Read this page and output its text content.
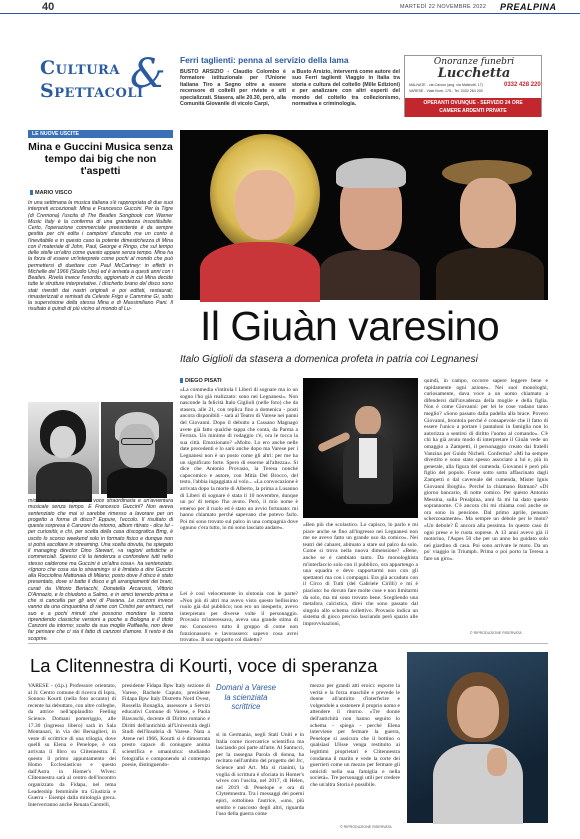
40	MARTEDÌ 22 NOVEMBRE 2022 PREALPINA
Cultura &
Spettacoli
Ferri taglienti: penna al servizio della lama
BUSTO ARSIZIO - Claudio Colombo è formatore istituzionale per l'Unione Italiana Tiro a Segno oltre a essere recensore di coltelli per riviste e siti specializzati. Stasera, alle 20.30, però, alla Comunità Giovanile di vicolo Carpi,
a Busto Arsizio, interverrà come autore del suo Ferri taglienti Viaggio in Italia tra storia e cultura del coltello (Mille Edizioni) e per analizzare con altri esperti del mondo del coltello tra collezionismo, normativa e criminologia.
Onoranze funebri
Lucchetta
MALNATE - via Cavour (ang. via Matteotti, 17)	0332 428 220
VARESE - Viale Borri, 175 - Tel. 0332 264 200
OPERANTI OVUNQUE - SERVIZIO 24 ORE
CAMERE ARDENTI PRIVATE
LE NUOVE USCITE
Mina e Guccini Musica senza tempo dai big che non t'aspetti
MARIO VISCO
In una settimana la musica italiana s'è rappropriata di due suoi interpreti eccezionali: Mina e Francesco Guccini. Per la Tigre (di Cremona) l'uscita di The Beatles Songbook con Warner Music Italy è la conferma di una grandezza insostituibile. Certo, l'operazione commerciale preesistente è da sempre gestita per chi edita i campioni d'ascolto ma un conto è l'inevitabile e in questo caso la potente dimestichezza di Mina con il materiale di John, Paul, George e Ringo, che sul tempo delle stelle un'altro come questo appare senza tempo. Mina ha la forza di essere un'interprete come pochi al mondo che può permettersi di duettare con Paul McCartney: in effetti in Michelle del 1966 (Studio Uno) ed è arrivata a questi anni con i Beatles. Rivela invece l'esordio, aggiornato in cui Mina decide tutte le strutture interpretative. I dischetto brano del disco sono stati rivestiti dai nastri originali e poi editati, restaurati, rimasterizzati e remixati da Celeste Frigo e Cammine Gi, sotto la supervisione della stessa Mina e di Massimiliano Pani. Il risultato è quindi di più vicino al mondo di Lu-
mione fa la forza per una voce straordinaria e un'avventura musicale senza tempo. E Francesco Guccini? Non aveva sentenziato che mai si sarebbe rimesso a lavorare per un progetto a forma di disco? Eppure, l'eccolo. Il risultato di questa sorpresa è Canzoni da intorno, album ritirato - dice lui - per curiosità; e chi, per scelta della casa discografica Bmg, è uscito lo scorso weekend solo in formato fisico e dunque non si potrà ascoltare in streaming. Una scelta dovuta, ha spiegato il managing director Dino Stewart, «a ragioni artistiche e commerciali. Spesso c'è la tendenza a confondere tutti nello stesso calderone ma Guccini è un'altra cosa». ha sentenziato. «Ignoro che cosa sia lo streaming» si è limitato a dire Guccini alla Rocciolina Mattonaia di Milano; posto dove il disco è stato presentato, dove si batte il disco e gli arrangiamenti dei brani, curati da Vittorio Bertacchi, Donatella Arcarossi, Vittorio D'Annazio, e lo chiudono a Salmo, e in amici tenendo prima e che si cancella per gli anni di Pavana. Le canzoni invece vanno da una cinquantina di rame con Cristini per entrarci, nel suo e a pochi minuti che possono mondare la scena riprendendo classiche versioni a poche a Bologna e il titolo Canzoni da intorno; scelto da sua moglie Raffaella, non deve far pensare che ci sia il fatto di canzoni d'amore. Il resto è da scoprire.
Il Giuàn varesino
Italo Giglioli da stasera a domenica profeta in patria coi Legnanesi
DIEGO PISATI
«La commedia s'intitola I Liberi di sognare ma io un sogno l'ho già realizzato: sono nei Legnanesi». Non nasconde la felicità Italo Giglioli (nelle foto) che da stasera, alle 21, con replica fino a domenica - posti ancora disponibili - sarà al Teatro di Varese nei panni del Giovanni. Dopo il debutto a Cassano Magnago avete già fatto qualche tappa che conta, da Parma a Ferrara. Un minimo di rodaggio c'è, ora le tocca la sua città. Emozionato? «Molto. Lo ero anche nelle date precedenti e lo sarò anche dopo ma Varese per i Legnanesi non è un posto come gli altri: per me ha un significato forte. Spero di esserne all'altezza». Si dice che Antonio Provasio, la Teresa nonché capocomico e autore, con Mitia Del Brocco, del testo, l'abbia ingaggiata al volo... «La convocazione è arrivata dopo la morte di Alberto, la prima a Lusanno di Liberi di sognare è stata il 10 novembre, dunque un po' di tempo l'ho avuto. Però, il mio nome è emerso per il ruolo ed è stato un avvio fortunato: mi hanno chiamato perché sapevano che potevo farlo. Poi mi sono trovato sul palco in una compagnia dove ognuno c'era tutto, io mi sono lasciato andare».
Lei è così velocemente in sintonia con le parte? «Non più di altri ma avevo visto questo bellissimo ruolo già dal pubblico; non ero un inesperto, avevo interpretato per diverse volte il personaggio. Provasio m'interessava, aveva una grande stima di me. Conoscevo tutto il gruppo di come non funzionassero e lavorassero: sapevo cosa avrei trovato». Il suo rapporto col dialetto?
«Ben più che scolastico. Lo capisco, lo parlo e mi piace anche se fino all'ingresso nei Legnanesi non me ne avevo fatto un grande uso da comico». Nei teatri del cabaret, abituato a stare sul palco da solo. Come si trova nella nuova dimensione? «Bene, anche se è cambiato tanto. Da monologhista m'interfaccio solo con il pubblico, ora appartengo a una squadra e devo rapportarmi non con gli spettatori ma con i compagni. Era già accaduto con il Circo di Tutti (del Gabriele Cirilli) e mi è piaciuto: ho dovuto fare molte cose e non limitarmi da solo, ma mi sono trovato bene. Scegliendo una metafora calcistica, direi che sono passato dal singolo allo schema collettivo. Provasio indica un sistema di gioco preciso lasciando però spazio alle improvvisazioni,
quindi, in campo, occorre sapere leggere bene e rapidamente ogni azione». Nei suoi monologhi, curiosamente, dava voce a un uomo chiamato a difendersi dall'invadenza della moglie e della figlia. Non è come Giovanni: per lei le cose vadano tanto meglio? «Sono passato dalla padella alla brace. Povero Giovanni, brontola perché è consapevole che il fatto di essere l'unico a portare i pantaloni in famiglia non lo autorizza a sentirsi di diritto l'uomo al comando». C'è chi ha già avuto modo di interpretare il Giuàn vede un omaggio a Zampetti, il personaggio creato dai fratelli Vanzina per Guido Nicheli. Conferma? «Mi ha sempre divertito e sono stato spesso associato a lui e, più in generale, alla figura del cumenda. Giovanni è però più figlio del popolo. Forse sotto sotto affascinato dagli Zampetti o dal cavereale del cumenda, Mister Ignis Giovanni Borghi». Perché la chiamano Batman? «Di giorno bancario, di notte comico. Per questo Antonio Messina, sulla Prealpina, anni fa mi ha dato questo soprannome. C'è ancora chi mi chiama così anche se ora sono in pensione. Dal primo aprile, pensato scherzosamente». Ma sempre un debole per le moto? «Un debole? È ancora alla pessima. In questo caso di ogni prese e le ruota soprese. A 13 anni avevo già il motorino, l'Aspes 50 che per un anno ho guidato solo nel giardino di casa. Poi sono arrivate le moto. Da un po' viaggio in Triumph. Prima o poi porto la Teresa a fare un giro».
© RIPRODUZIONE RISERVATA
La Clitennestra di Kourti, voce di speranza
VARESE - (d.p.) Professore orientato, al Jr. Centro comune di ricerca di Ispra, Sonnou Kourti (nella foto accanto) di recente ha debuttato, con altre colleghe, da attrice nell'applaudito Feeling Science. Domani pomeriggio, alle 17.30 (ingresso libero) sarà in Sala Montanari, in via dei Bersaglieri, in veste di scrittrice di una trilogia, dove quelli su Elena e Penelope, è ora arrivata il libro su Clitennestra. È questo il primo appuntamento dei Homo Ecclesiasticus e questo dall'Astra in Homer's Wives: Clitennestra sarà al centro dell'incontro organizzato da Fidapa, nel tema Leadership femminile tra Giustizia e Guerra - Esempi dalla mitologia greca. Interverranno anche Renata Carstelli,
presidente Fidapa Bpw Italy sezione di Varese, Rachele Caputo, presidente Fidapa Bpw Italy Distretto Nord Ovest, Rossella Bonaglia, assessore a Servizi educativi Comune di Varese, e Paola Biavaschi, docente di Diritto romano e Diritti dell'antichità all'Università degli Studi dell'Insubria di Varese. Nata a Atene nel 1966, Kourti si è dimostrata presto capace di coniugare anima scientifica e umanistica: studiando fotografia e componendo al contempo poesie, distinguendo-
Domani a Varese la scienziata scrittrice
si in Germania, negli Stati Uniti e in Italia come ricercatrice scientifica ma lasciando poi parte all'arte. Al Santucci, per la rassegna Parola di donna, ha recitato nell'ambito del progetto del Jrc, Science and Art. Ma si rianimi, la voglia di scrittura è sfociata in Homer's wives con l'uscita, nel 2017, di Helen, nel 2019 di Penelope e ora di Clytemnestra. Tra i messaggi dei poemi epici, sottolinea l'autrice, «uno, più sentito e nascosto degli altri, riguarda l'uso della guerra come
mezzo per grandi atti eroici: esporre la verità e la forza maschile e prevede le donne all'antirito d'interferire e volgendole a sostenere il proprio uomo e attendere il ritorno. «Tre donne dell'antichità non hanno seguito lo schema - spiega - perché Elena interviene per fermare la guerra, Penelope si assicura che il bottino o qualsiasi Ulisse venga restituito ai legittimi proprietari e Clitennestra condanna il marito e vede la corte dei guerrieri come un mezzo per fermare gli omicidi nella sua famiglia e nella società». Tre personaggi utili per credere che un'altra Storia è possibile.
© RIPRODUZIONE RISERVATA
